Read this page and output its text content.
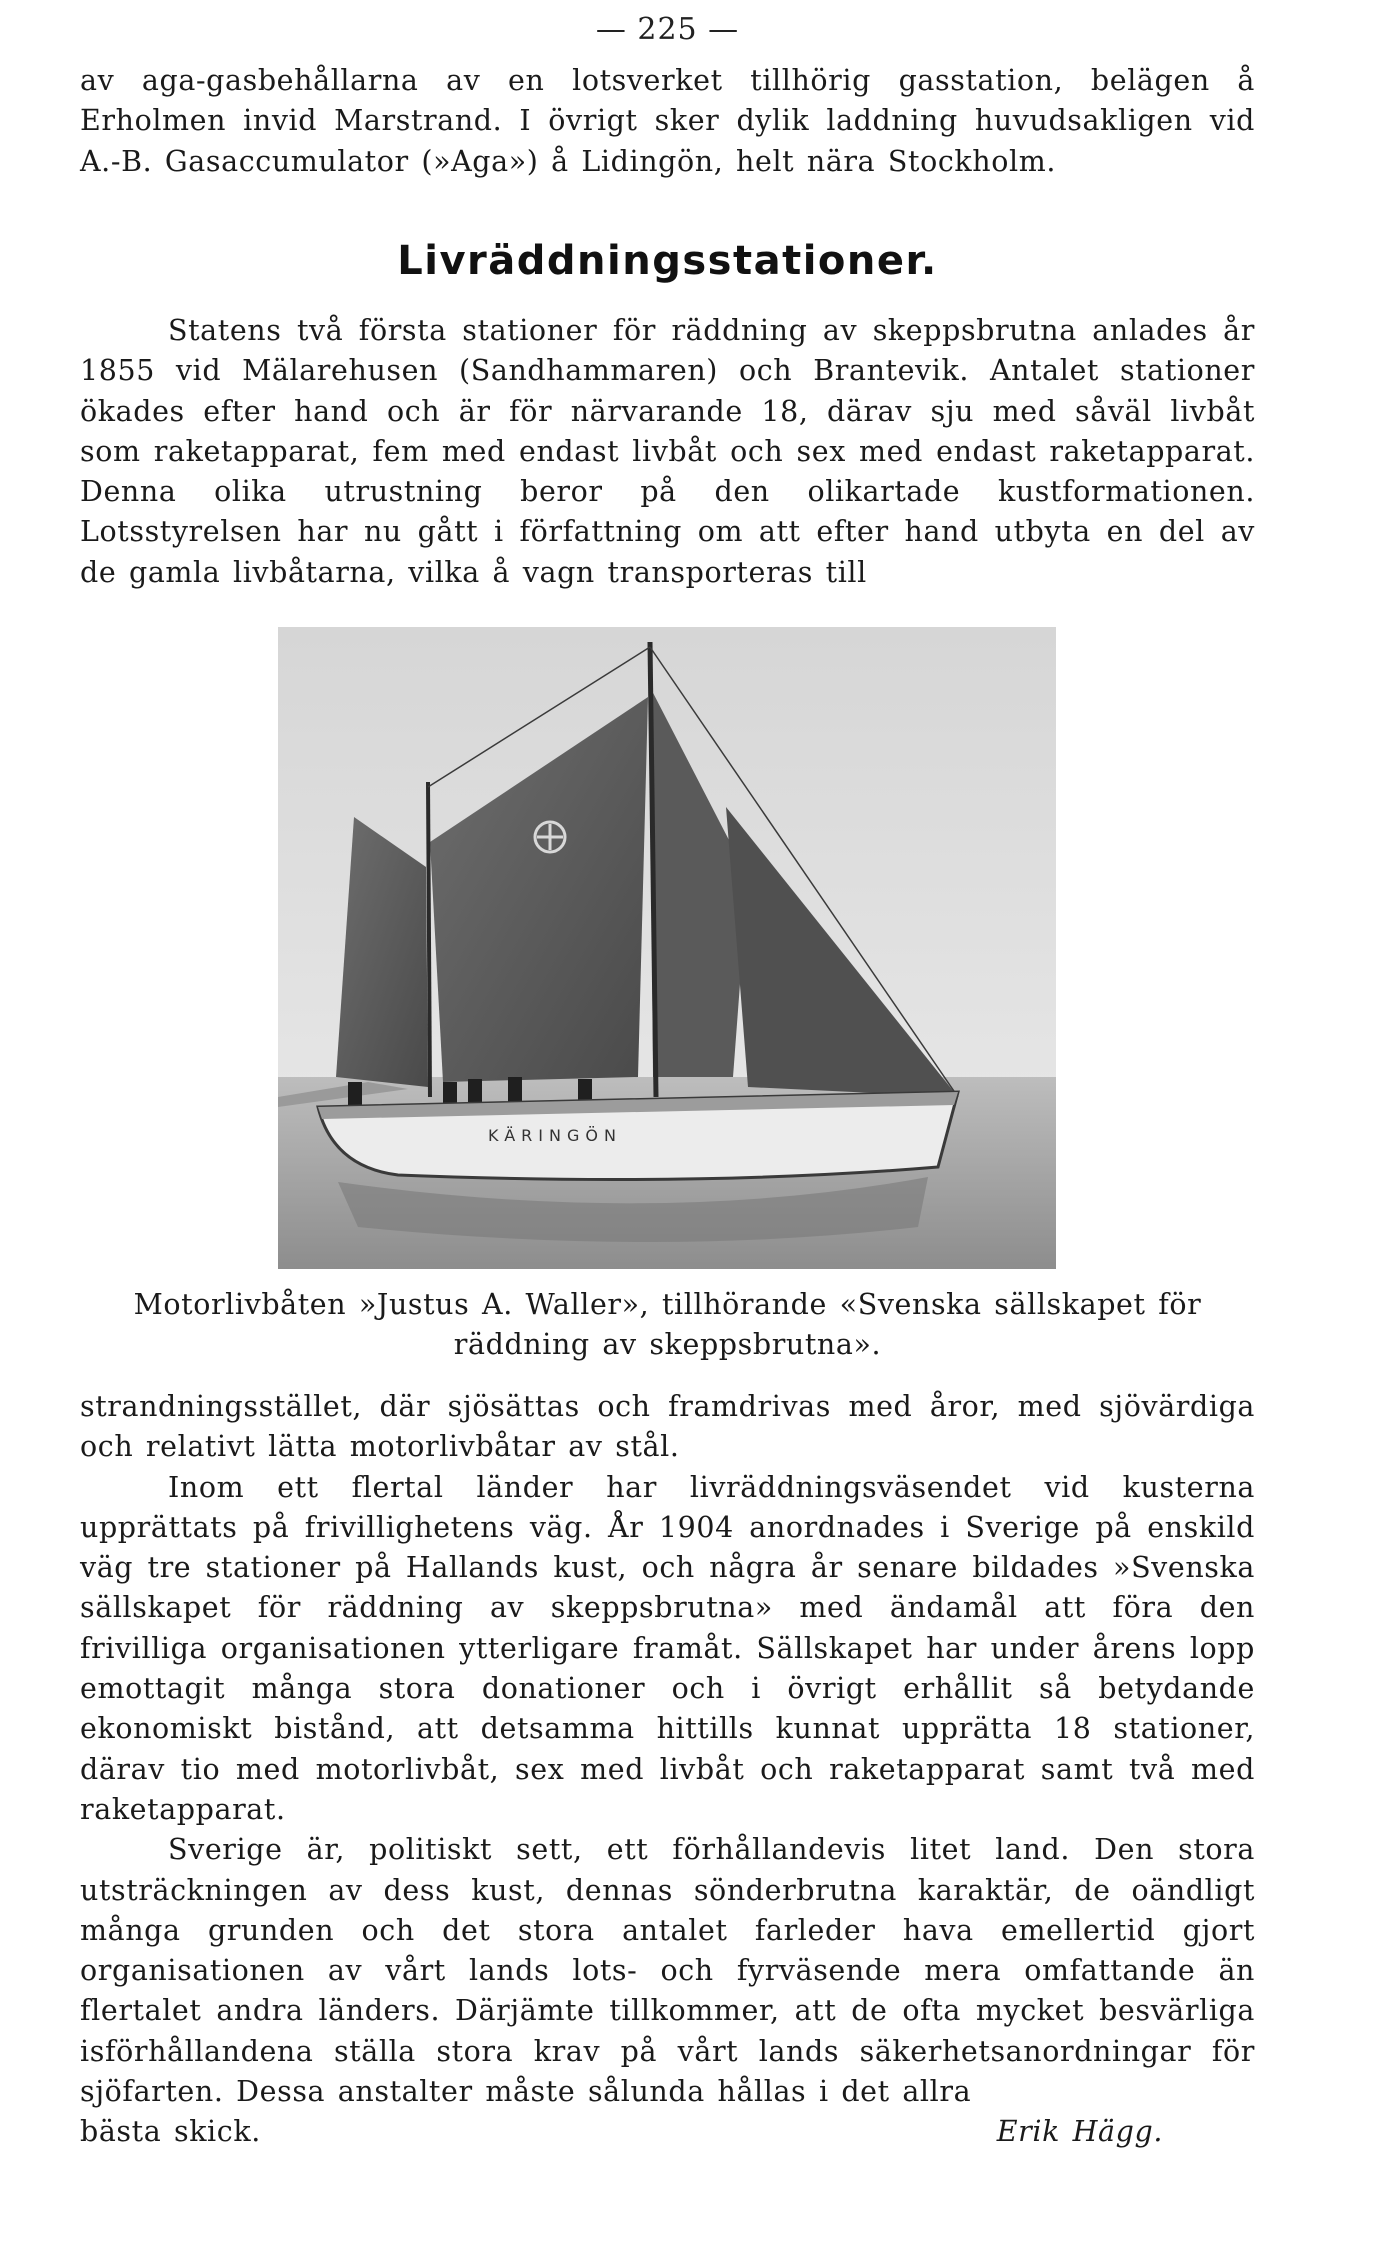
— 225 —

av aga-gasbehållarna av en lotsverket tillhörig gasstation, belägen å Erholmen invid Marstrand. I övrigt sker dylik laddning huvudsakligen vid A.-B. Gasaccumulator (»Aga») å Lidingön, helt nära Stockholm.

Livräddningsstationer.

Statens två första stationer för räddning av skeppsbrutna anlades år 1855 vid Mälarehusen (Sandhammaren) och Brantevik. Antalet stationer ökades efter hand och är för närvarande 18, därav sju med såväl livbåt som raketapparat, fem med endast livbåt och sex med endast raketapparat. Denna olika utrustning beror på den olikartade kustformationen. Lotsstyrelsen har nu gått i författning om att efter hand utbyta en del av de gamla livbåtarna, vilka å vagn transporteras till

KÄRINGÖN
Motorlivbåten »Justus A. Waller», tillhörande «Svenska sällskapet för räddning av skeppsbrutna».

strandningsstället, där sjösättas och framdrivas med åror, med sjövärdiga och relativt lätta motorlivbåtar av stål.

Inom ett flertal länder har livräddningsväsendet vid kusterna upprättats på frivillighetens väg. År 1904 anordnades i Sverige på enskild väg tre stationer på Hallands kust, och några år senare bildades »Svenska sällskapet för räddning av skeppsbrutna» med ändamål att föra den frivilliga organisationen ytterligare framåt. Sällskapet har under årens lopp emottagit många stora donationer och i övrigt erhållit så betydande ekonomiskt bistånd, att detsamma hittills kunnat upprätta 18 stationer, därav tio med motorlivbåt, sex med livbåt och raketapparat samt två med raketapparat.

Sverige är, politiskt sett, ett förhållandevis litet land. Den stora utsträckningen av dess kust, dennas sönderbrutna karaktär, de oändligt många grunden och det stora antalet farleder hava emellertid gjort organisationen av vårt lands lots- och fyrväsende mera omfattande än flertalet andra länders. Därjämte tillkommer, att de ofta mycket besvärliga isförhållandena ställa stora krav på vårt lands säkerhetsanordningar för sjöfarten. Dessa anstalter måste sålunda hållas i det allra

bästa skick.	Erik Hägg.
